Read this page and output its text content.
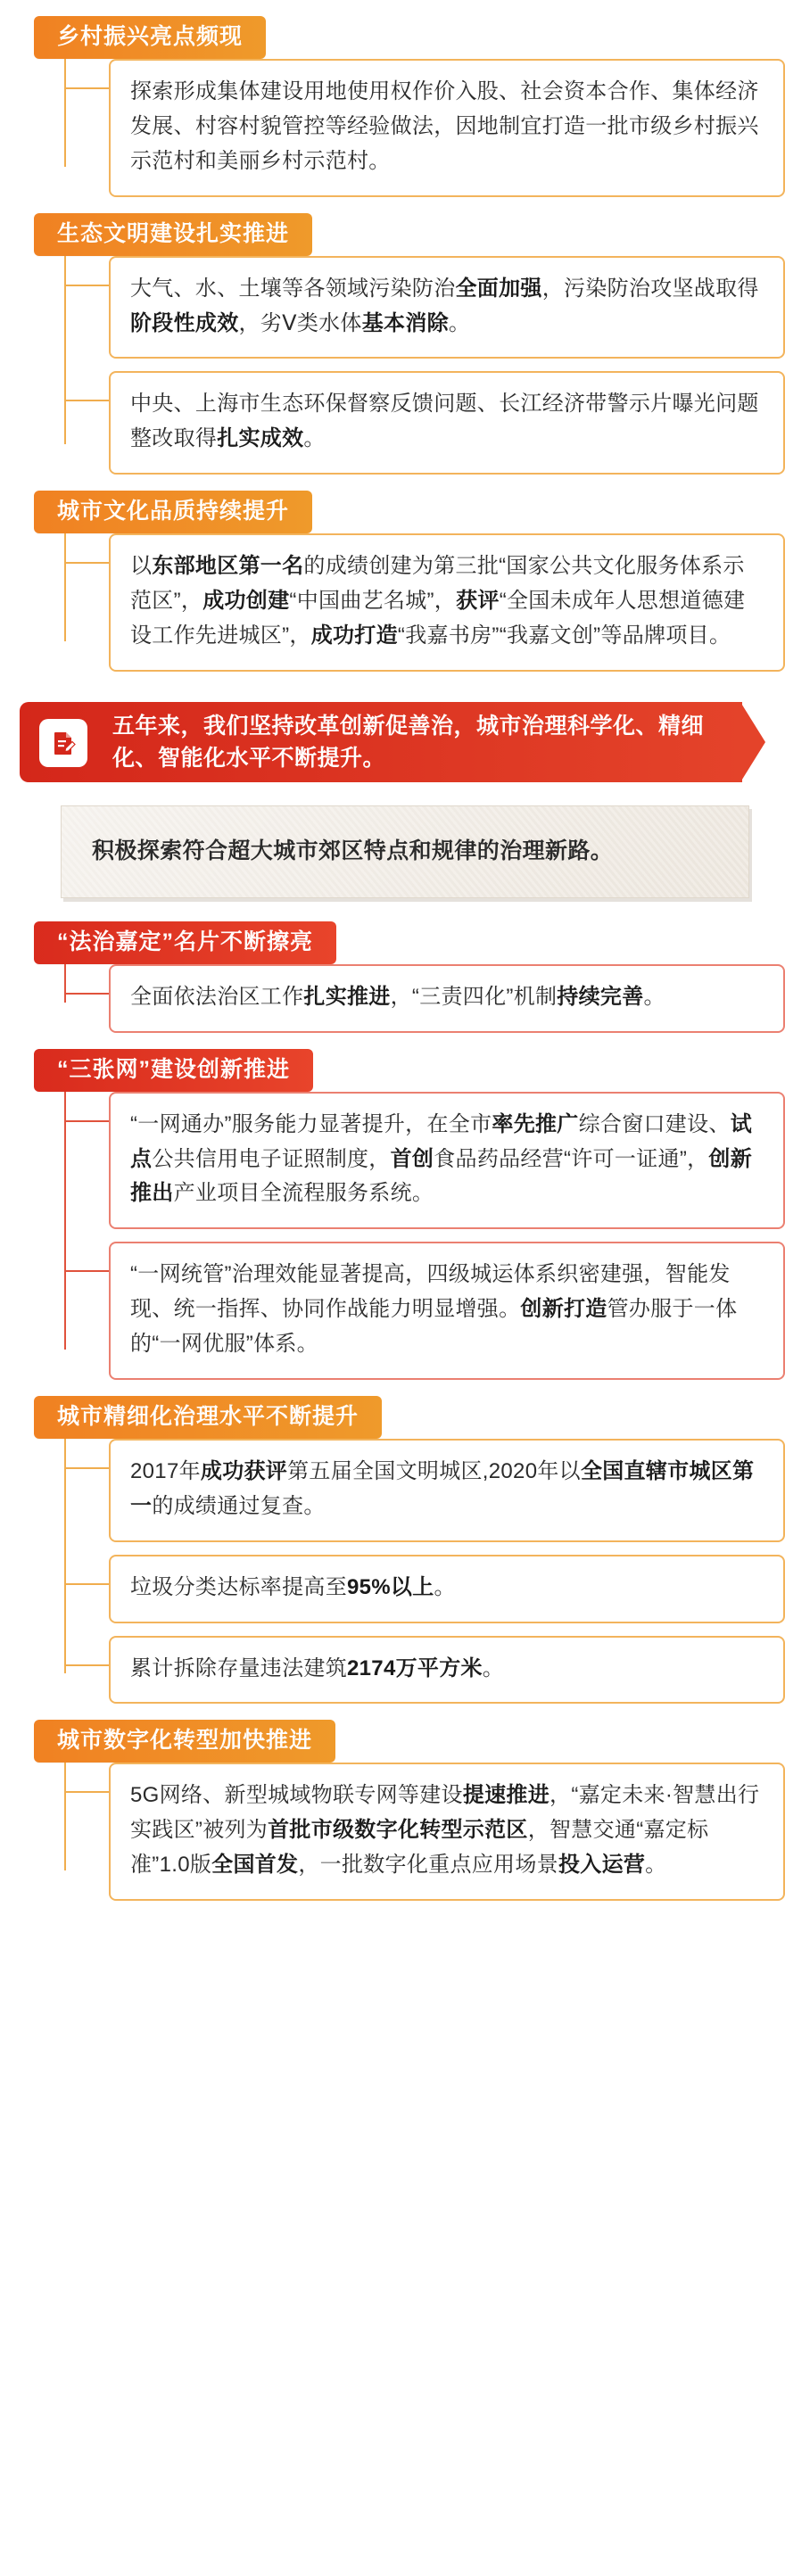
乡村振兴亮点频现
探索形成集体建设用地使用权作价入股、社会资本合作、集体经济发展、村容村貌管控等经验做法，因地制宜打造一批市级乡村振兴示范村和美丽乡村示范村。
生态文明建设扎实推进
大气、水、土壤等各领域污染防治全面加强，污染防治攻坚战取得阶段性成效，劣Ⅴ类水体基本消除。
中央、上海市生态环保督察反馈问题、长江经济带警示片曝光问题整改取得扎实成效。
城市文化品质持续提升
以东部地区第一名的成绩创建为第三批“国家公共文化服务体系示范区”，成功创建“中国曲艺名城”，获评“全国未成年人思想道德建设工作先进城区”，成功打造“我嘉书房”“我嘉文创”等品牌项目。
五年来，我们坚持改革创新促善治，城市治理科学化、精细化、智能化水平不断提升。
积极探索符合超大城市郊区特点和规律的治理新路。
“法治嘉定”名片不断擦亮
全面依法治区工作扎实推进，“三责四化”机制持续完善。
“三张网”建设创新推进
“一网通办”服务能力显著提升，在全市率先推广综合窗口建设、试点公共信用电子证照制度，首创食品药品经营“许可一证通”，创新推出产业项目全流程服务系统。
“一网统管”治理效能显著提高，四级城运体系织密建强，智能发现、统一指挥、协同作战能力明显增强。创新打造管办服于一体的“一网优服”体系。
城市精细化治理水平不断提升
2017年成功获评第五届全国文明城区,2020年以全国直辖市城区第一的成绩通过复查。
垃圾分类达标率提高至95%以上。
累计拆除存量违法建筑2174万平方米。
城市数字化转型加快推进
5G网络、新型城域物联专网等建设提速推进，“嘉定未来·智慧出行实践区”被列为首批市级数字化转型示范区，智慧交通“嘉定标准”1.0版全国首发，一批数字化重点应用场景投入运营。
